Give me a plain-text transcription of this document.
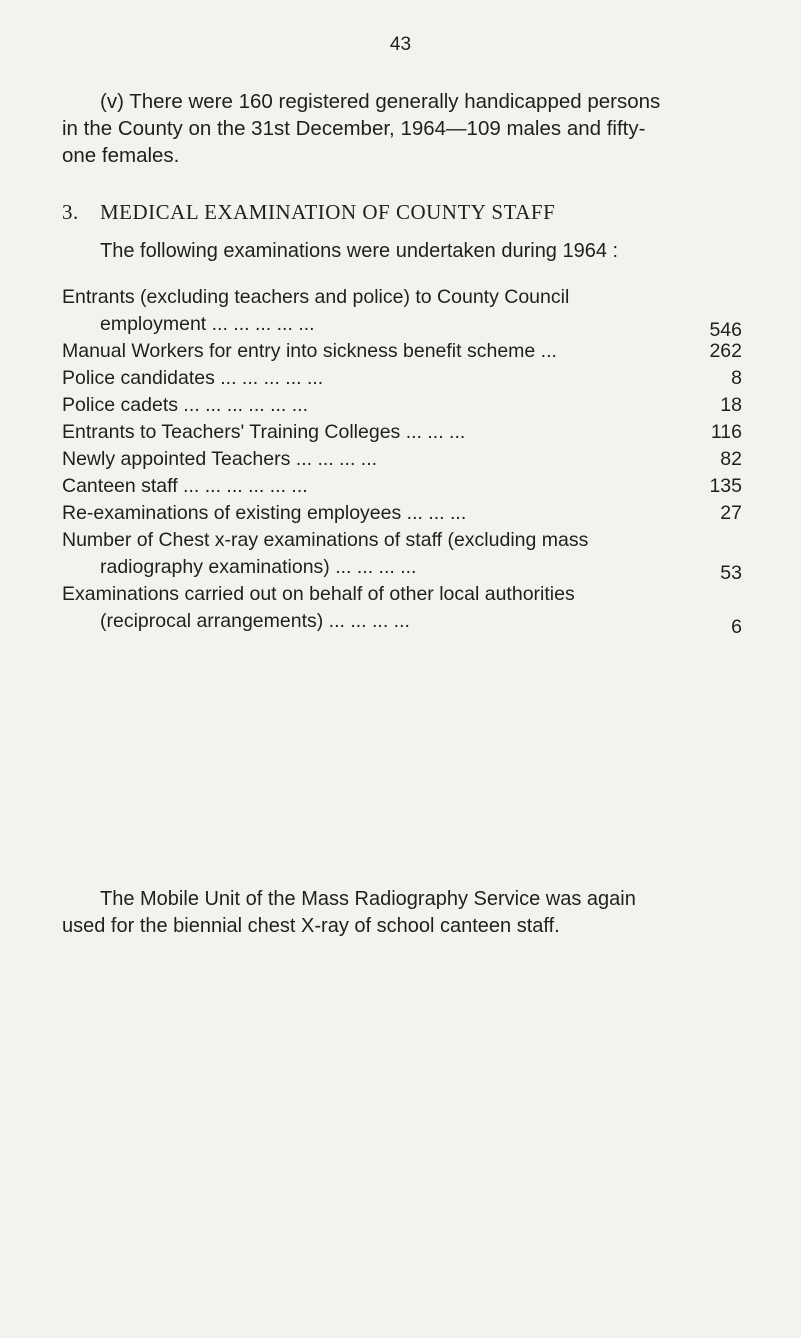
43
(v) There were 160 registered generally handicapped persons
in the County on the 31st December, 1964—109 males and fifty-
one females.
3. MEDICAL EXAMINATION OF COUNTY STAFF
The following examinations were undertaken during 1964 :
Entrants (excluding teachers and police) to County Council
employment ... ... ... ... ...	546
Manual Workers for entry into sickness benefit scheme ...	262
Police candidates ... ... ... ... ...	8
Police cadets ... ... ... ... ... ...	18
Entrants to Teachers' Training Colleges ... ... ...	116
Newly appointed Teachers ... ... ... ...	82
Canteen staff ... ... ... ... ... ...	135
Re-examinations of existing employees ... ... ...	27
Number of Chest x-ray examinations of staff (excluding mass
radiography examinations) ... ... ... ...	53
Examinations carried out on behalf of other local authorities
(reciprocal arrangements) ... ... ... ...	6
The Mobile Unit of the Mass Radiography Service was again
used for the biennial chest X-ray of school canteen staff.
